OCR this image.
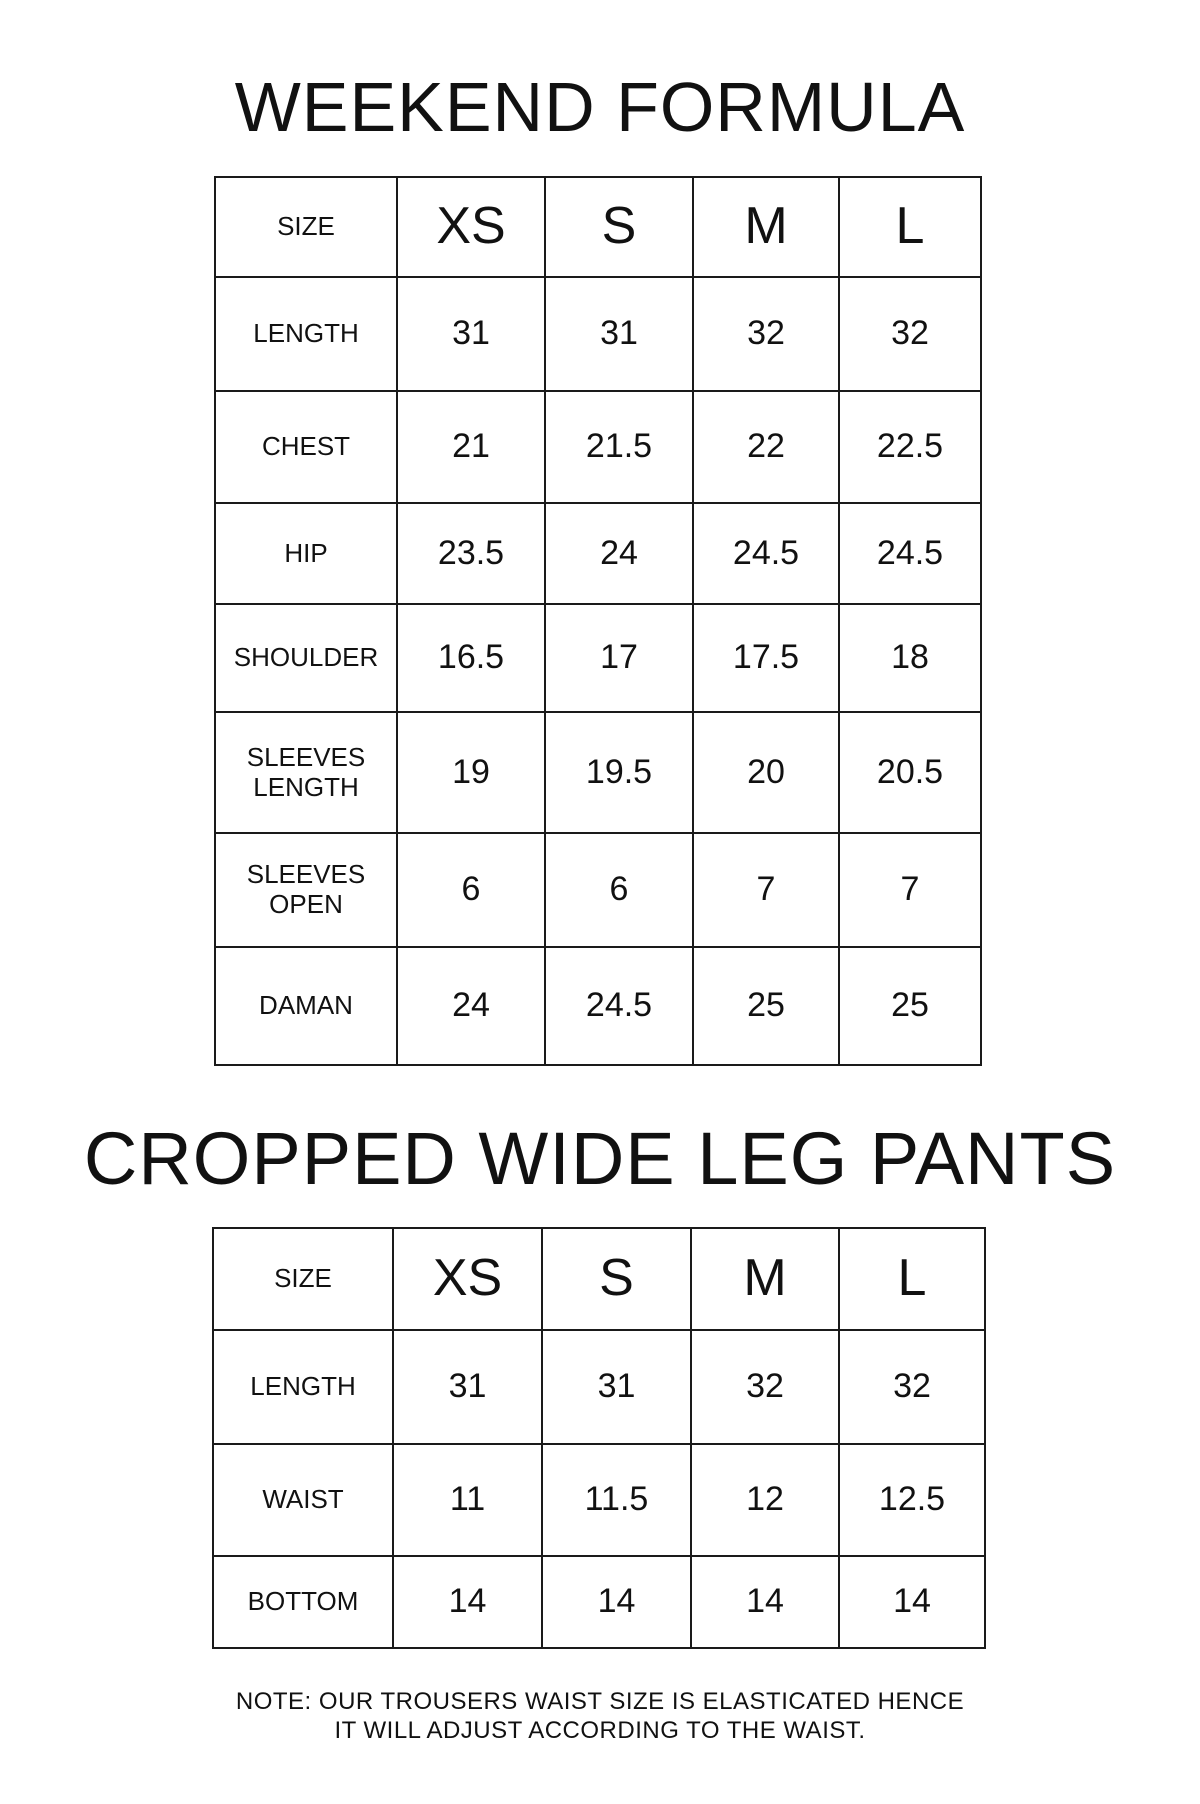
WEEKEND FORMULA
SIZE	XS	S	M	L
LENGTH	31	31	32	32
CHEST	21	21.5	22	22.5
HIP	23.5	24	24.5	24.5
SHOULDER	16.5	17	17.5	18

SLEEVES
LENGTH	19	19.5	20	20.5

SLEEVES
OPEN	6	6	7	7
DAMAN	24	24.5	25	25
CROPPED WIDE LEG PANTS
SIZE	XS	S	M	L
LENGTH	31	31	32	32
WAIST	11	11.5	12	12.5
BOTTOM	14	14	14	14
NOTE: OUR TROUSERS WAIST SIZE IS ELASTICATED HENCE
IT WILL ADJUST ACCORDING TO THE WAIST.
